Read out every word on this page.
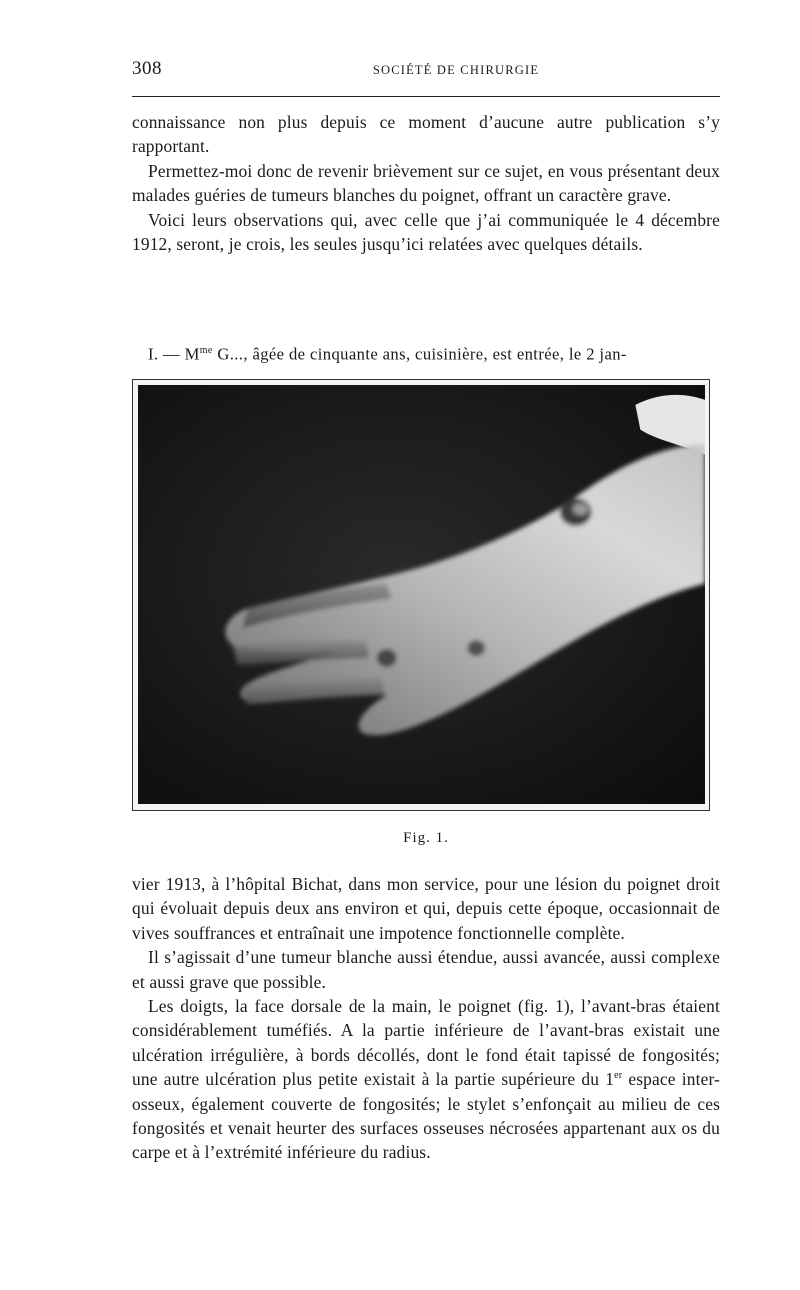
308	SOCIÉTÉ DE CHIRURGIE

connaissance non plus depuis ce moment d’aucune autre publication s’y rapportant.

Permettez-moi donc de revenir brièvement sur ce sujet, en vous présentant deux malades guéries de tumeurs blanches du poignet, offrant un caractère grave.

Voici leurs observations qui, avec celle que j’ai communiquée le 4 décembre 1912, seront, je crois, les seules jusqu’ici relatées avec quelques détails.

I. — $M^{me}$ G..., âgée de cinquante ans, cuisinière, est entrée, le 2 jan-
Fig. 1.

vier 1913, à l’hôpital Bichat, dans mon service, pour une lésion du poignet droit qui évoluait depuis deux ans environ et qui, depuis cette époque, occasionnait de vives souffrances et entraînait une impotence fonctionnelle complète.

Il s’agissait d’une tumeur blanche aussi étendue, aussi avancée, aussi complexe et aussi grave que possible.

Les doigts, la face dorsale de la main, le poignet (fig. 1), l’avant-bras étaient considérablement tuméfiés. A la partie inférieure de l’avant-bras existait une ulcération irrégulière, à bords décollés, dont le fond était tapissé de fongosités; une autre ulcération plus petite existait à la partie supérieure du 1er espace inter-osseux, également couverte de fongosités; le stylet s’enfonçait au milieu de ces fongosités et venait heurter des surfaces osseuses nécrosées appartenant aux os du carpe et à l’extrémité inférieure du radius.
